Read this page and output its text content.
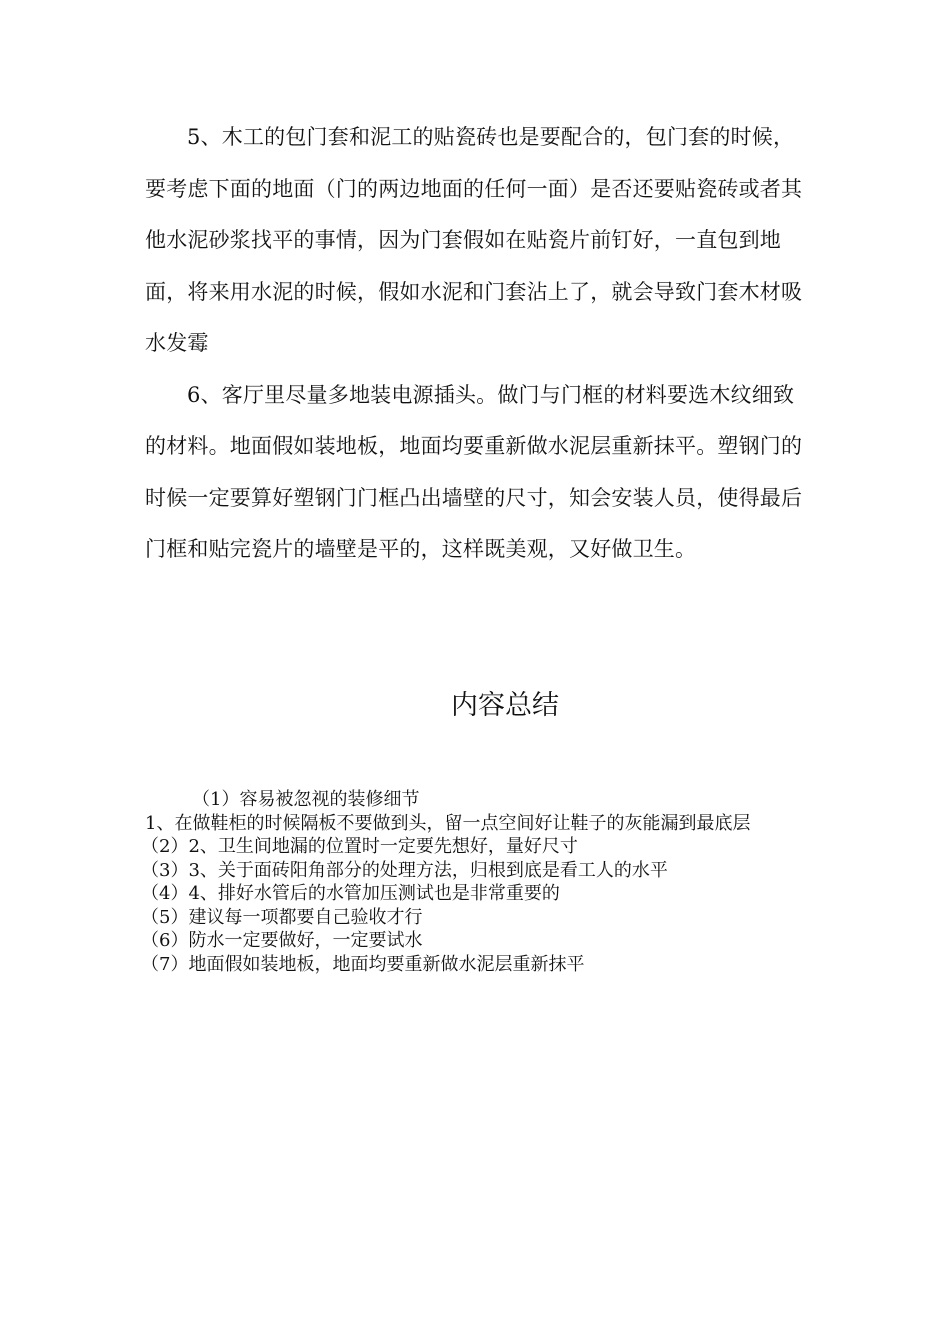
5、木工的包门套和泥工的贴瓷砖也是要配合的，包门套的时候，要考虑下面的地面（门的两边地面的任何一面）是否还要贴瓷砖或者其他水泥砂浆找平的事情，因为门套假如在贴瓷片前钉好，一直包到地面，将来用水泥的时候，假如水泥和门套沾上了，就会导致门套木材吸水发霉

6、客厅里尽量多地装电源插头。做门与门框的材料要选木纹细致的材料。地面假如装地板，地面均要重新做水泥层重新抹平。塑钢门的时候一定要算好塑钢门门框凸出墙壁的尺寸，知会安装人员，使得最后门框和贴完瓷片的墙壁是平的，这样既美观，又好做卫生。

内容总结

（1）容易被忽视的装修细节

1、在做鞋柜的时候隔板不要做到头，留一点空间好让鞋子的灰能漏到最底层

（2）2、卫生间地漏的位置时一定要先想好，量好尺寸

（3）3、关于面砖阳角部分的处理方法，归根到底是看工人的水平

（4）4、排好水管后的水管加压测试也是非常重要的

（5）建议每一项都要自己验收才行

（6）防水一定要做好，一定要试水

（7）地面假如装地板，地面均要重新做水泥层重新抹平
